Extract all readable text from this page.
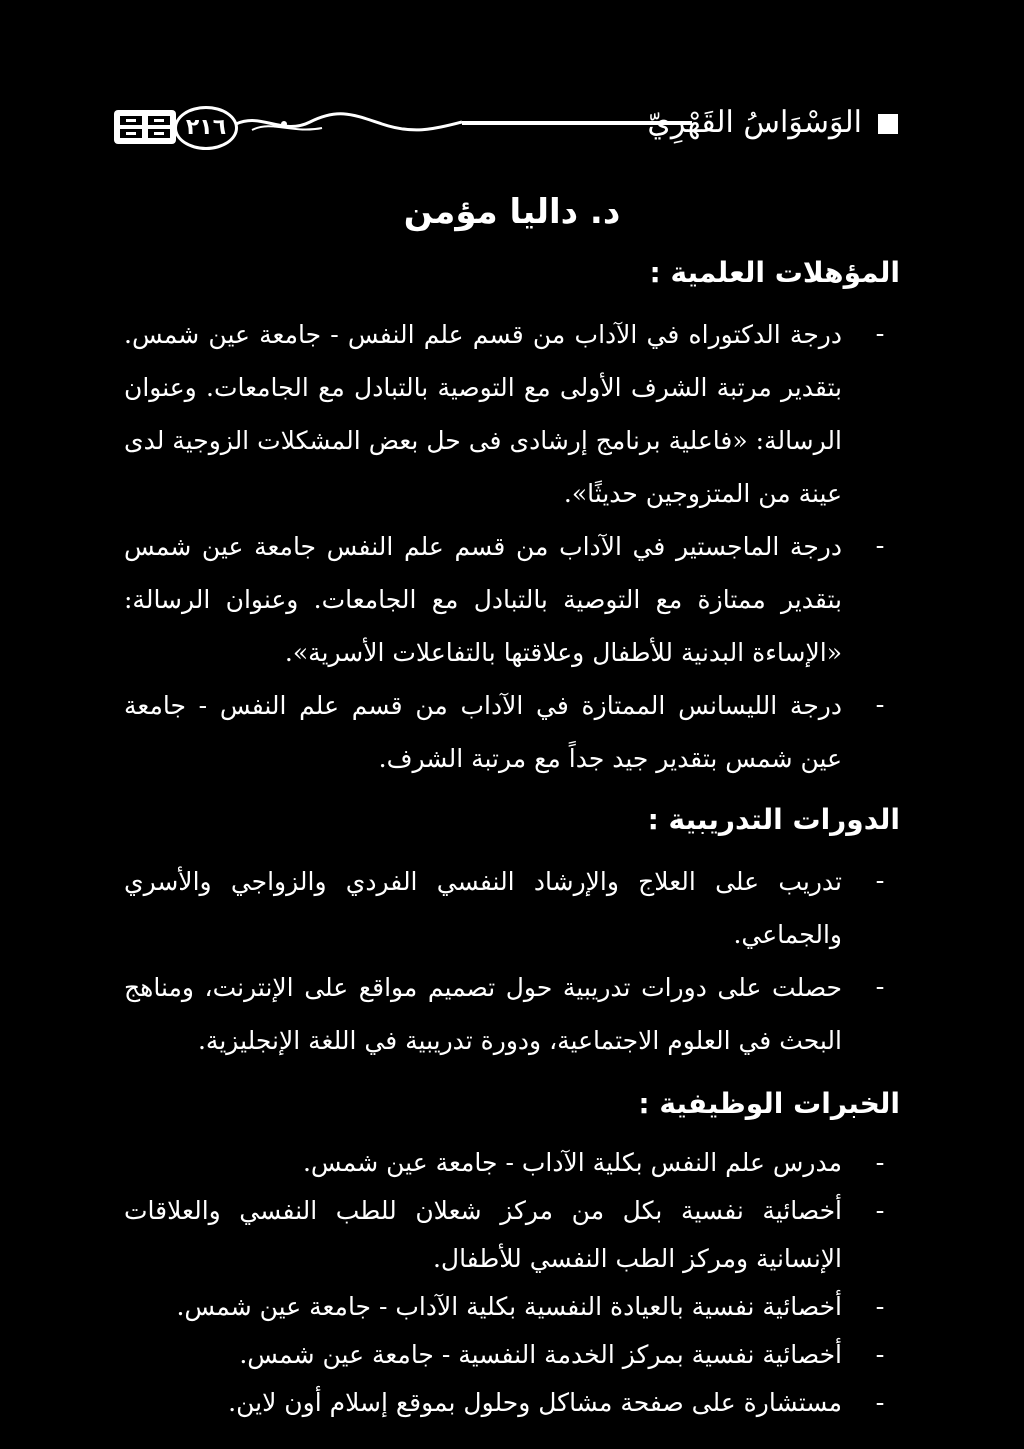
٢١٦	الوَسْوَاسُ القَهْرِيّ
د. داليا مؤمن
المؤهلات العلمية :
-

درجة الدكتوراه في الآداب من قسم علم النفس - جامعة عين شمس. بتقدير مرتبة الشرف الأولى مع التوصية بالتبادل مع الجامعات. وعنوان الرسالة: «فاعلية برنامج إرشادى فى حل بعض المشكلات الزوجية لدى عينة من المتزوجين حديثًا».

-

درجة الماجستير في الآداب من قسم علم النفس جامعة عين شمس بتقدير ممتازة مع التوصية بالتبادل مع الجامعات. وعنوان الرسالة: «الإساءة البدنية للأطفال وعلاقتها بالتفاعلات الأسرية».

-

درجة الليسانس الممتازة في الآداب من قسم علم النفس - جامعة عين شمس بتقدير جيد جداً مع مرتبة الشرف.

الدورات التدريبية :
-

تدريب على العلاج والإرشاد النفسي الفردي والزواجي والأسري والجماعي.

-

حصلت على دورات تدريبية حول تصميم مواقع على الإنترنت، ومناهج البحث في العلوم الاجتماعية، ودورة تدريبية في اللغة الإنجليزية.

الخبرات الوظيفية :
-

مدرس علم النفس بكلية الآداب - جامعة عين شمس.

-

أخصائية نفسية بكل من مركز شعلان للطب النفسي والعلاقات الإنسانية ومركز الطب النفسي للأطفال.

-

أخصائية نفسية بالعيادة النفسية بكلية الآداب - جامعة عين شمس.

-

أخصائية نفسية بمركز الخدمة النفسية - جامعة عين شمس.

-

مستشارة على صفحة مشاكل وحلول بموقع إسلام أون لاين.
